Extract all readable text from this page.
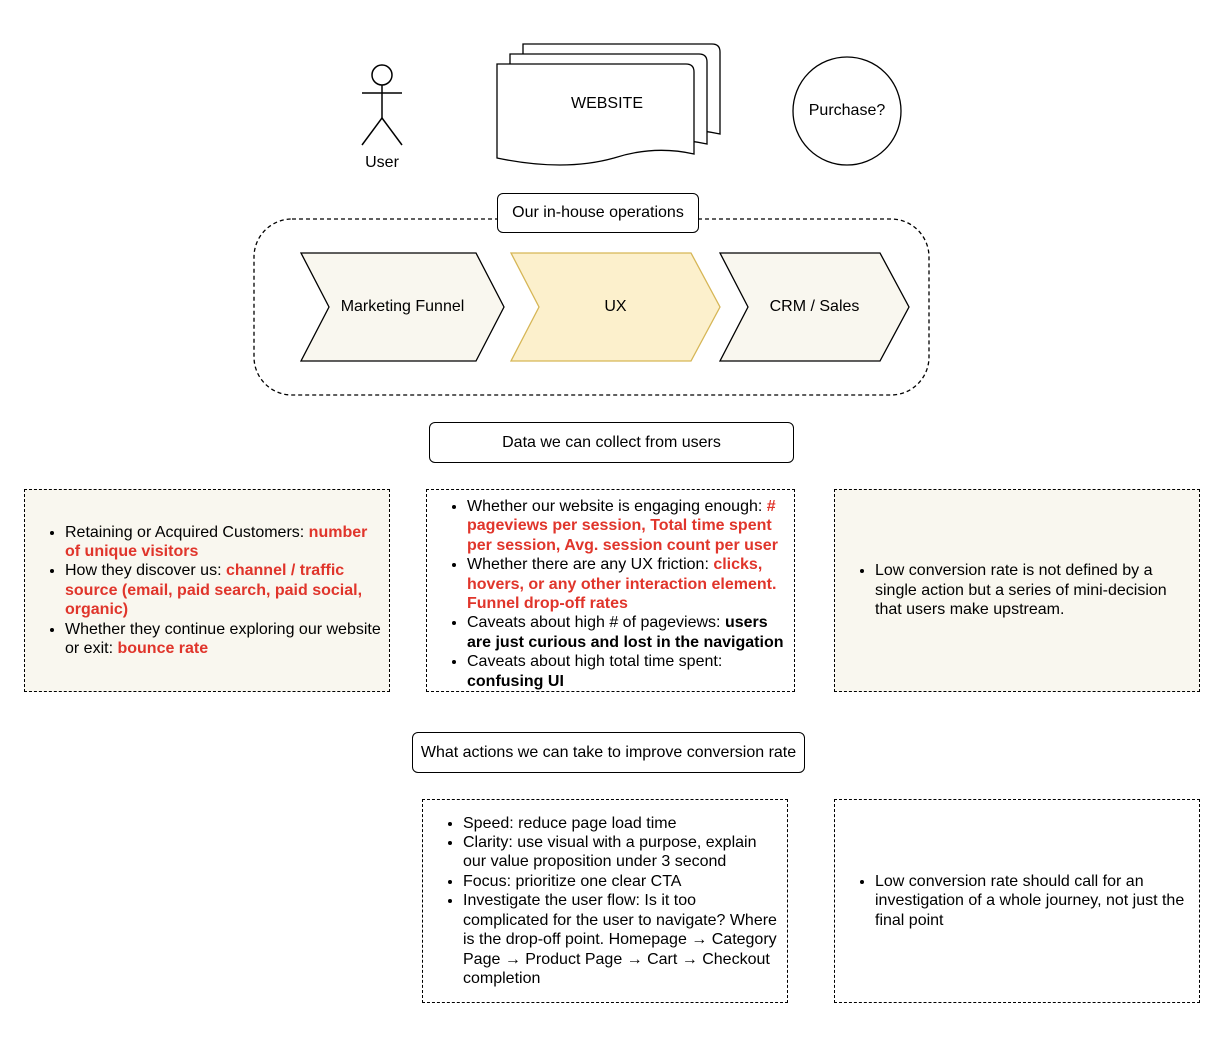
User
WEBSITE	Purchase?
Our in-house operations
Marketing Funnel	UX	CRM / Sales
Data we can collect from users
• Retaining or Acquired Customers: number of unique visitors
• How they discover us: channel / traffic source (email, paid search, paid social, organic)
• Whether they continue exploring our website or exit: bounce rate
• Whether our website is engaging enough: # pageviews per session, Total time spent per session, Avg. session count per user
• Whether there are any UX friction: clicks, hovers, or any other interaction element. Funnel drop-off rates
• Caveats about high # of pageviews: users are just curious and lost in the navigation
• Caveats about high total time spent: confusing UI
• Low conversion rate is not defined by a single action but a series of mini-decision that users make upstream.
What actions we can take to improve conversion rate
• Speed: reduce page load time
• Clarity: use visual with a purpose, explain our value proposition under 3 second
• Focus: prioritize one clear CTA
• Investigate the user flow: Is it too complicated for the user to navigate? Where is the drop-off point. Homepage → Category Page → Product Page → Cart → Checkout completion
• Low conversion rate should call for an investigation of a whole journey, not just the final point
